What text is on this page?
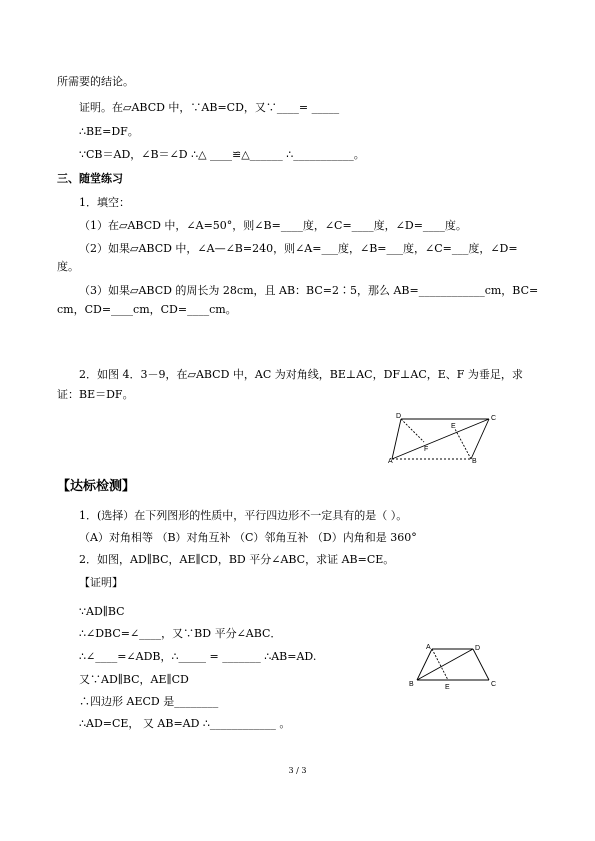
所需要的结论。
证明。在▱ABCD 中，∵AB=CD，又∵____= _____
∴BE=DF。
∵CB＝AD，∠B＝∠D ∴△ ____≌△______ ∴___________。
三、随堂练习
1．填空：
（1）在▱ABCD 中，∠A=50°，则∠B=____度，∠C=____度，∠D=____度。
（2）如果▱ABCD 中，∠A—∠B=240，则∠A=___度，∠B=___度，∠C=___度，∠D=
度。
（3）如果▱ABCD 的周长为 28cm，且 AB：BC=2∶5，那么 AB=____________cm，BC=
cm，CD=____cm，CD=____cm。
2．如图 4．3－9，在▱ABCD 中，AC 为对角线，BE⊥AC，DF⊥AC，E、F 为垂足，求
证：BE＝DF。
D	C
E
F
A	B
【达标检测】
1．(选择）在下列图形的性质中，平行四边形不一定具有的是（ ）。
（A）对角相等 （B）对角互补 （C）邻角互补 （D）内角和是 360°
2．如图，AD∥BC，AE∥CD，BD 平分∠ABC，求证 AB=CE。
【证明】
∵AD∥BC
∴∠DBC=∠____，又∵BD 平分∠ABC．
∴∠____=∠ADB，∴_____ = _______ ∴AB=AD.
又∵AD∥BC，AE∥CD
∴四边形 AECD 是________
∴AD=CE， 又 AB=AD ∴____________ 。
A	D
B	E	C
3 / 3
